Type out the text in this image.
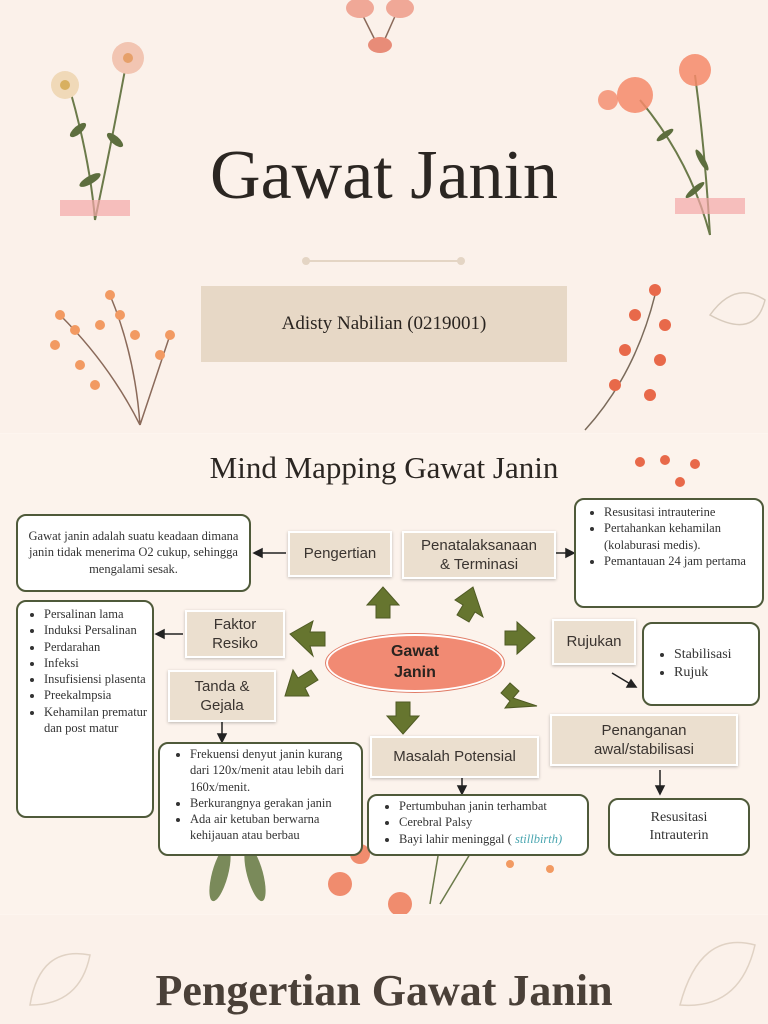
Gawat Janin
Adisty Nabilian (0219001)
Mind Mapping Gawat Janin
Gawat
Janin
Pengertian
Penatalaksanaan
& Terminasi
Faktor
Resiko	Rujukan
Tanda &
Gejala
Masalah Potensial
Penanganan
awal/stabilisasi
Gawat janin adalah suatu keadaan dimana janin tidak menerima O2 cukup, sehingga mengalami sesak.
• Resusitasi intrauterine
• Pertahankan kehamilan (kolaburasi medis).
• Pemantauan 24 jam pertama
• Persalinan lama
• Induksi Persalinan
• Perdarahan
• Infeksi
• Insufisiensi plasenta
• Preekalmpsia
• Kehamilan prematur dan post matur
• Stabilisasi
• Rujuk
• Frekuensi denyut janin kurang dari 120x/menit atau lebih dari 160x/menit.
• Berkurangnya gerakan janin
• Ada air ketuban berwarna kehijauan atau berbau
• Pertumbuhan janin terhambat
• Cerebral Palsy
• Bayi lahir meninggal ( stillbirth)
Resusitasi
Intrauterin
Pengertian Gawat Janin
